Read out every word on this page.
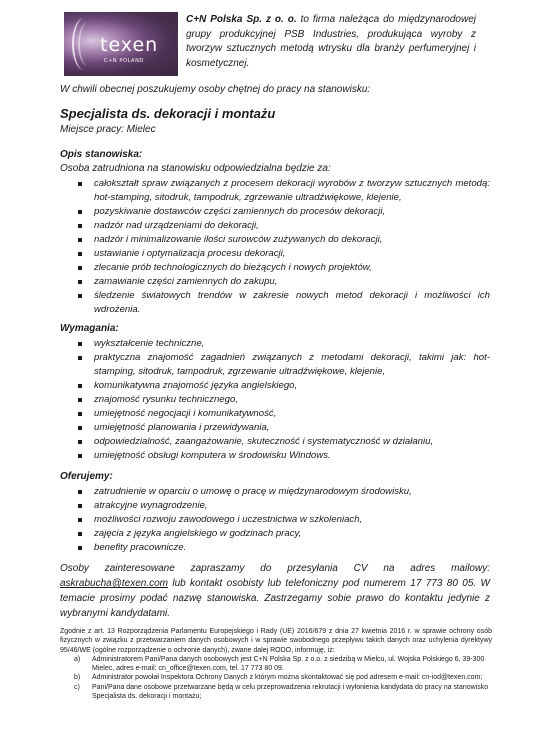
texen
C+N POLAND
C+N Polska Sp. z o. o. to firma należąca do międzynarodowej grupy produkcyjnej PSB Industries, produkująca wyroby z tworzyw sztucznych metodą wtrysku dla branży perfumeryjnej i kosmetycznej.
W chwili obecnej poszukujemy osoby chętnej do pracy na stanowisku:
Specjalista ds. dekoracji i montażu
Miejsce pracy: Mielec
Opis stanowiska:
Osoba zatrudniona na stanowisku odpowiedzialna będzie za:
całokształt spraw związanych z procesem dekoracji wyrobów z tworzyw sztucznych metodą: hot-stamping, sitodruk, tampodruk, zgrzewanie ultradźwiękowe, klejenie,
pozyskiwanie dostawców części zamiennych do procesów dekoracji,
nadzór nad urządzeniami do dekoracji,
nadzór i minimalizowanie ilości surowców zużywanych do dekoracji,
ustawianie i optymalizacja procesu dekoracji,
zlecanie prób technologicznych do bieżących i nowych projektów,
zamawianie części zamiennych do zakupu,
śledzenie światowych trendów w zakresie nowych metod dekoracji i możliwości ich wdrożenia.
Wymagania:
wykształcenie techniczne,
praktyczna znajomość zagadnień związanych z metodami dekoracji, takimi jak: hot-stamping, sitodruk, tampodruk, zgrzewanie ultradźwiękowe, klejenie,
komunikatywna znajomość języka angielskiego,
znajomość rysunku technicznego,
umiejętność negocjacji i komunikatywność,
umiejętność planowania i przewidywania,
odpowiedzialność, zaangażowanie, skuteczność i systematyczność w działaniu,
umiejętność obsługi komputera w środowisku Windows.
Oferujemy:
zatrudnienie w oparciu o umowę o pracę w międzynarodowym środowisku,
atrakcyjne wynagrodzenie,
możliwości rozwoju zawodowego i uczestnictwa w szkoleniach,
zajęcia z języka angielskiego w godzinach pracy,
benefity pracownicze.
Osoby zainteresowane zapraszamy do przesyłania CV na adres mailowy: askrabucha@texen.com lub kontakt osobisty lub telefoniczny pod numerem 17 773 80 05. W temacie prosimy podać nazwę stanowiska. Zastrzegamy sobie prawo do kontaktu jedynie z wybranymi kandydatami.

Zgodnie z art. 13 Rozporządzenia Parlamentu Europejskiego i Rady (UE) 2016/679 z dnia 27 kwietnia 2016 r. w sprawie ochrony osób fizycznych w związku z przetwarzaniem danych osobowych i w sprawie swobodnego przepływu takich danych oraz uchylenia dyrektywy 95/46/WE (ogólne rozporządzenie o ochronie danych), zwane dalej RODO, informuję, iż:

a) Administratorem Pani/Pana danych osobowych jest C+N Polska Sp. z o.o. z siedzibą w Mielcu, ul. Wojska Polskiego 6, 39-300 Mielec, adres e-mail: cn_office@texen.com, tel. 17 773 80 09.
b) Administrator powołał Inspektora Ochrony Danych z którym można skontaktować się pod adresem e-mail: cn-iod@texen.com;
c) Pani/Pana dane osobowe przetwarzane będą w celu przeprowadzenia rekrutacji i wyłonienia kandydata do pracy na stanowisko Specjalista ds. dekoracji i montażu;
